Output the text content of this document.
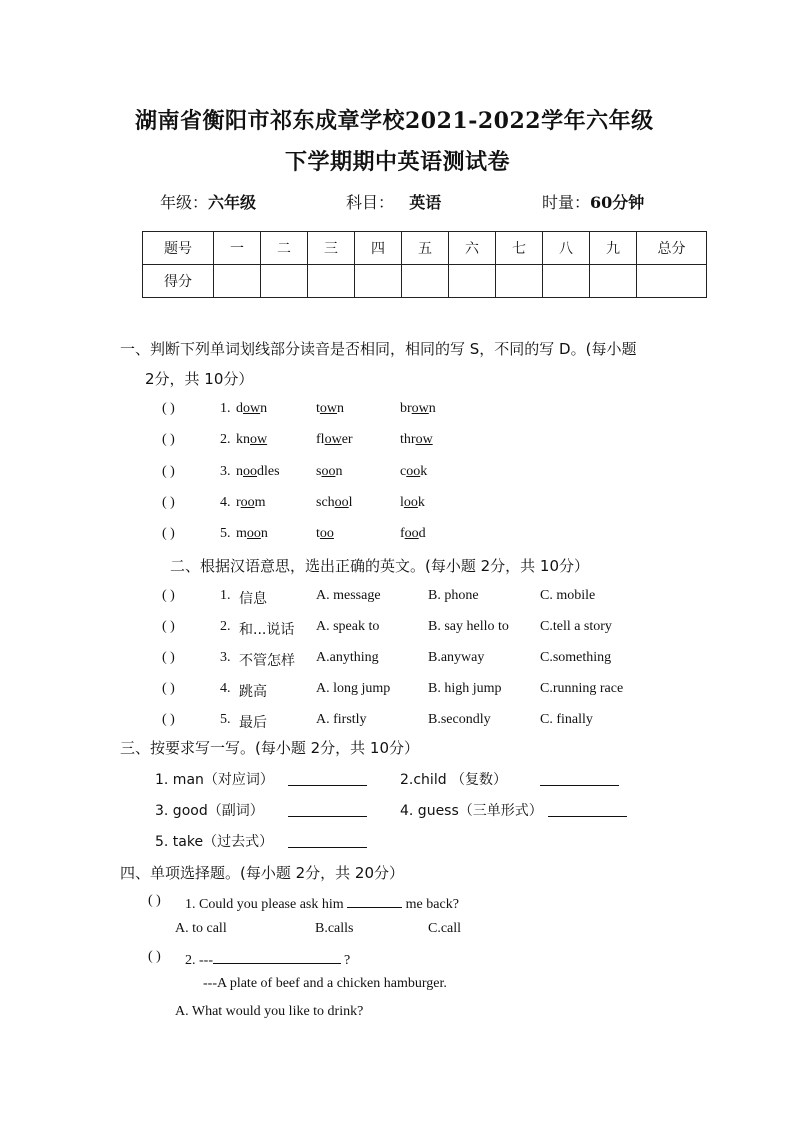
湖南省衡阳市祁东成章学校2021-2022学年六年级
下学期期中英语测试卷
年级：六年级	科目： 英语	时量：60分钟
题号	一	二	三	四	五	六	七	八	九	总分
得分										
一、判断下列单词划线部分读音是否相同，相同的写 S，不同的写 D。(每小题
2分，共 10分）
( )	1. down	town	brown
( )	2. know	flower	throw
( )	3. noodles	soon	cook
( )	4. room	school	look
( )	5. moon	too	food
二、根据汉语意思，选出正确的英文。(每小题 2分，共 10分）
( )	1. 信息	A. message	B. phone	C. mobile
( )	2. 和...说话 A. speak to	B. say hello to C.tell a story
( )	3. 不管怎样 A.anything	B.anyway	C.something
( )	4. 跳高	A. long jump	B. high jump	C.running race
( )	5. 最后	A. firstly	B.secondly	C. finally
三、按要求写一写。(每小题 2分，共 10分）
1. man（对应词）	2.child （复数）
3. good（副词）	4. guess（三单形式）
5. take（过去式）
四、单项选择题。(每小题 2分，共 20分）
( ) 1. Could you please ask him	me back?
A. to call	B.calls	C.call
( ) 2. ---	?
---A plate of beef and a chicken hamburger.
A. What would you like to drink?
